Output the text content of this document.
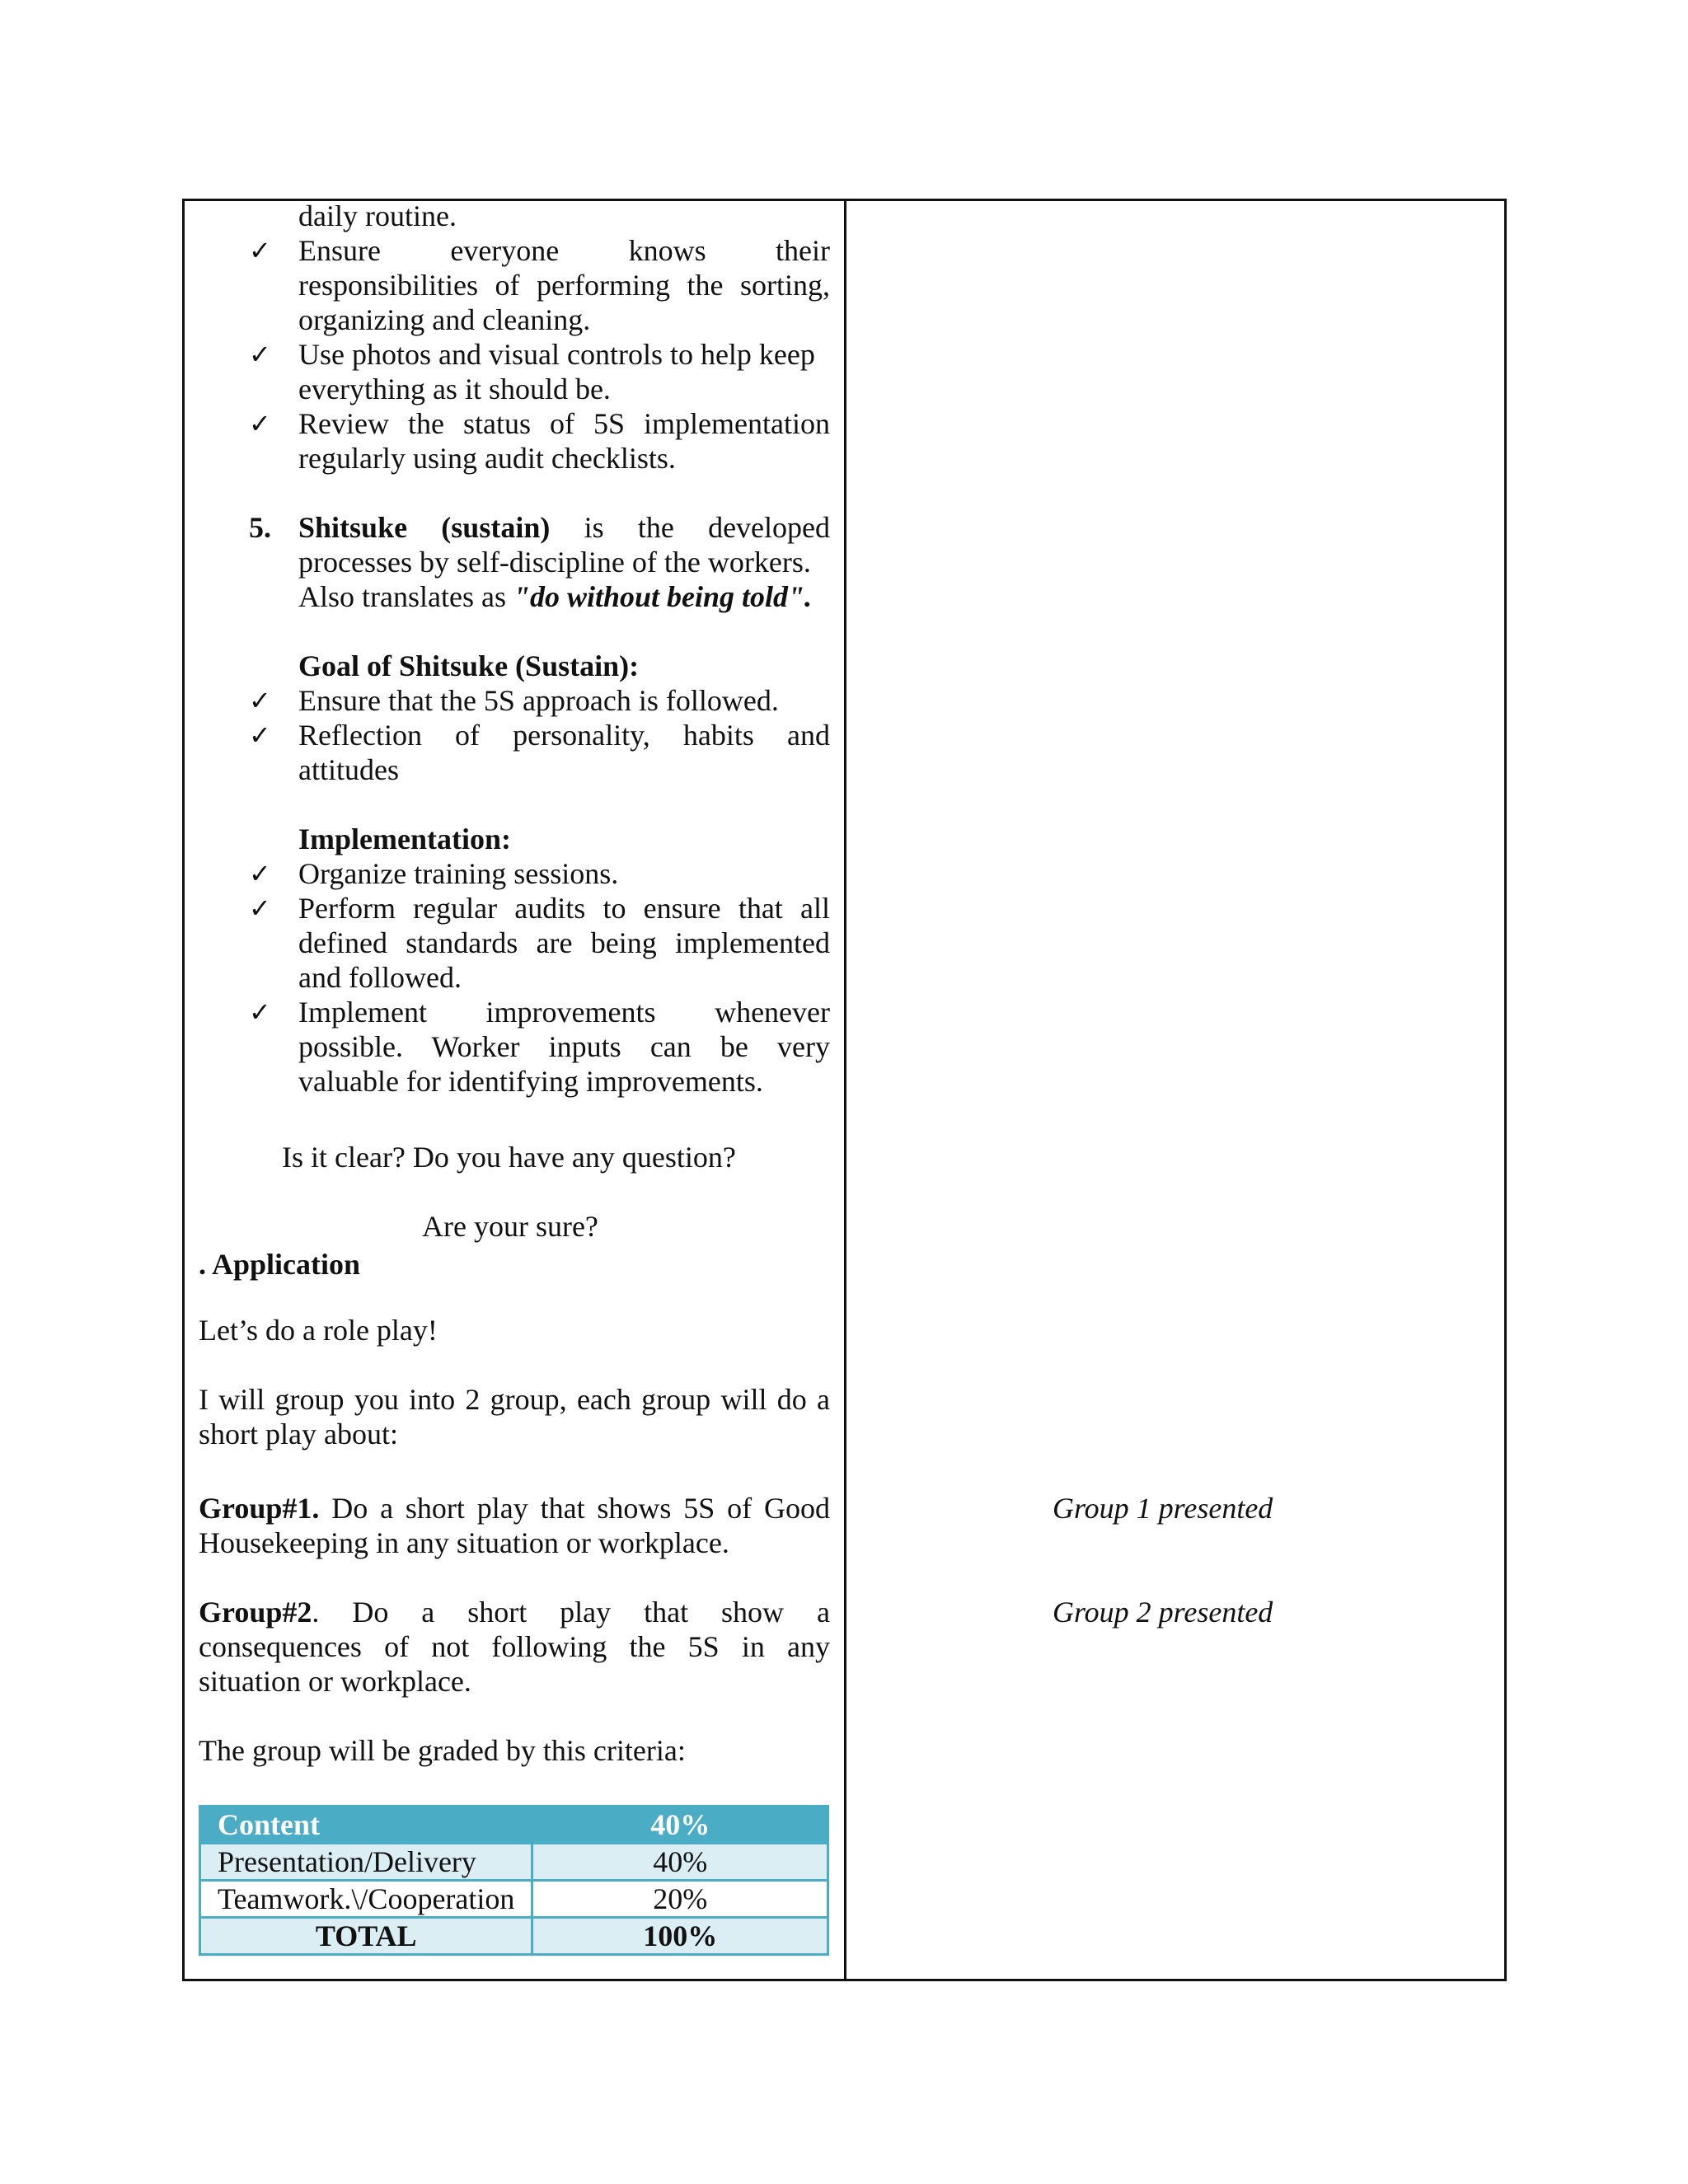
daily routine.
✓ Ensure everyone knows their
responsibilities of performing the sorting,
organizing and cleaning.
✓ Use photos and visual controls to help keep
everything as it should be.
✓ Review the status of 5S implementation
regularly using audit checklists.
5. Shitsuke (sustain) is the developed
processes by self-discipline of the workers.
Also translates as "do without being told".
Goal of Shitsuke (Sustain):
✓ Ensure that the 5S approach is followed.
✓ Reflection of personality, habits and
attitudes
Implementation:
✓ Organize training sessions.
✓ Perform regular audits to ensure that all
defined standards are being implemented
and followed.
✓ Implement improvements whenever
possible. Worker inputs can be very
valuable for identifying improvements.
Is it clear? Do you have any question?
Are your sure?
. Application
Let’s do a role play!
I will group you into 2 group, each group will do a
short play about:
Group#1. Do a short play that shows 5S of Good
Housekeeping in any situation or workplace.
Group#2. Do a short play that show a
consequences of not following the 5S in any
situation or workplace.
The group will be graded by this criteria:
Content	40%
Presentation/Delivery	40%
Teamwork.\/Cooperation	20%
TOTAL	100%
Group 1 presented
Group 2 presented
